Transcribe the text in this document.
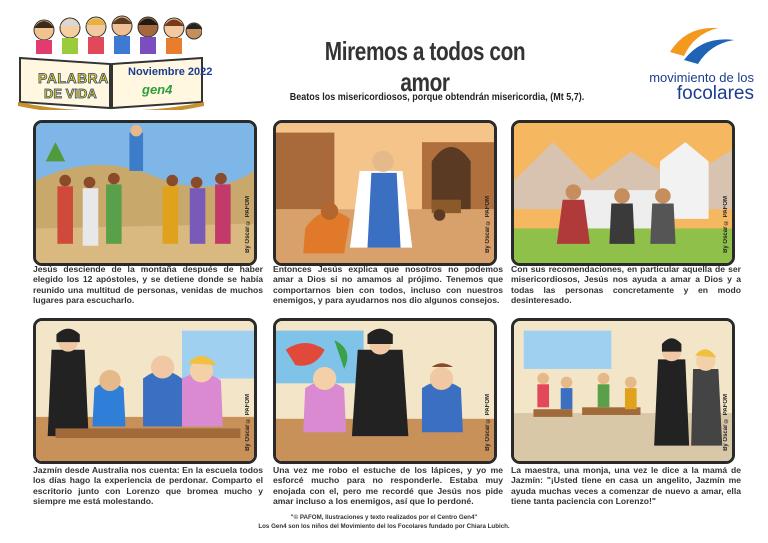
PALABRA
DE VIDA
Noviembre 2022
gen4
Miremos a todos con amor
Beatos los misericordiosos, porque obtendrán misericordia, (Mt 5,7).
movimiento de los
focolares
By Oscar © PAFOM
Jesús desciende de la montaña después de haber elegido los 12 apóstoles, y se detiene donde se había reunido una multitud de personas, venidas de muchos lugares para escucharlo.
By Oscar © PAFOM
Entonces Jesús explica que nosotros no podemos amar a Dios si no amamos al prójimo. Tenemos que comportarnos bien con todos, incluso con nuestros enemigos, y para ayudarnos nos dio algunos consejos.
By Oscar © PAFOM
Con sus recomendaciones, en particular aquella de ser misericordiosos, Jesús nos ayuda a amar a Dios y a todas las personas concretamente y en modo desinteresado.
By Oscar © PAFOM
Jazmín desde Australia nos cuenta: En la escuela todos los días hago la experiencia de perdonar. Comparto el escritorio junto con Lorenzo que bromea mucho y siempre me está molestando.
By Oscar © PAFOM
Una vez me robo el estuche de los lápices, y yo me esforcé mucho para no responderle. Estaba muy enojada con el, pero me recordé que Jesús nos pide amar incluso a los enemigos, así que lo perdoné.
By Oscar © PAFOM
La maestra, una monja, una vez le dice a la mamá de Jazmín: "¡Usted tiene en casa un angelito, Jazmín me ayuda muchas veces a comenzar de nuevo a amar, ella tiene tanta paciencia con Lorenzo!"
"© PAFOM, Ilustraciones y texto realizados por el Centro Gen4"
Los Gen4 son los niños del Movimiento del los Focolares fundado por Chiara Lubich.
